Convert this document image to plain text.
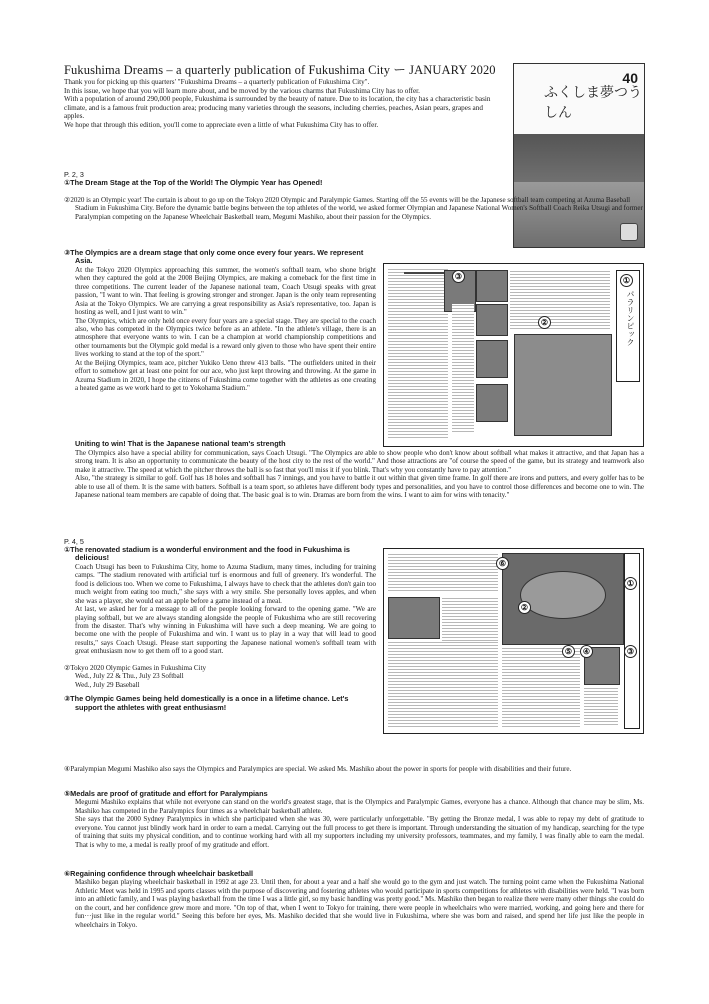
Fukushima Dreams – a quarterly publication of Fukushima City ー JANUARY 2020

Thank you for picking up this quarters' "Fukushima Dreams – a quarterly publication of Fukushima City".

In this issue, we hope that you will learn more about, and be moved by the various charms that Fukushima City has to offer.

With a population of around 290,000 people, Fukushima is surrounded by the beauty of nature. Due to its location, the city has a characteristic basin climate, and is a famous fruit production area; producing many varieties through the seasons, including cherries, peaches, Asian pears, grapes and apples.

We hope that through this edition, you'll come to appreciate even a little of what Fukushima City has to offer.

ふくしま夢つうしん
40
P. 2, 3
①The Dream Stage at the Top of the World! The Olympic Year has Opened!

②2020 is an Olympic year! The curtain is about to go up on the Tokyo 2020 Olympic and Paralympic Games. Starting off the 55 events will be the Japanese softball team competing at Azuma Baseball Stadium in Fukushima City. Before the dynamic battle begins between the top athletes of the world, we asked former Olympian and Japanese National Women's Softball Coach Reika Utsugi and former Paralympian competing on the Japanese Wheelchair Basketball team, Megumi Mashiko, about their passion for the Olympics.

③The Olympics are a dream stage that only come once every four years. We represent Asia.

At the Tokyo 2020 Olympics approaching this summer, the women's softball team, who shone bright when they captured the gold at the 2008 Beijing Olympics, are making a comeback for the first time in three competitions. The current leader of the Japanese national team, Coach Utsugi speaks with great passion, "I want to win. That feeling is growing stronger and stronger. Japan is the only team representing Asia at the Tokyo Olympics. We are carrying a great responsibility as Asia's representative, too. Japan is hosting as well, and I just want to win."

The Olympics, which are only held once every four years are a special stage. They are special to the coach also, who has competed in the Olympics twice before as an athlete. "In the athlete's village, there is an atmosphere that everyone wants to win. I can be a champion at world championship competitions and other tournaments but the Olympic gold medal is a reward only given to those who have spent their entire lives working to stand at the top of the sport."

At the Beijing Olympics, team ace, pitcher Yukiko Ueno threw 413 balls. "The outfielders united in their effort to somehow get at least one point for our ace, who just kept throwing and throwing. At the game in Azuma Stadium in 2020, I hope the citizens of Fukushima come together with the athletes as one creating a heated game as we work hard to get to Yokohama Stadium."

③
②
①
パラリンピック
Uniting to win! That is the Japanese national team's strength

The Olympics also have a special ability for communication, says Coach Utsugi. "The Olympics are able to show people who don't know about softball what makes it attractive, and that Japan has a strong team. It is also an opportunity to communicate the beauty of the host city to the rest of the world." And those attractions are "of course the speed of the game, but its strategy and teamwork also make it attractive. The speed at which the pitcher throws the ball is so fast that you'll miss it if you blink. That's why you constantly have to pay attention."

Also, "the strategy is similar to golf. Golf has 18 holes and softball has 7 innings, and you have to battle it out within that given time frame. In golf there are irons and putters, and every golfer has to be able to use all of them. It is the same with batters. Softball is a team sport, so athletes have different body types and personalities, and you have to control those differences and become one to win. The Japanese national team members are capable of doing that. The basic goal is to win. Dramas are born from the wins. I want to aim for wins with tenacity."

P. 4, 5
①The renovated stadium is a wonderful environment and the food in Fukushima is delicious!

Coach Utsugi has been to Fukushima City, home to Azuma Stadium, many times, including for training camps. "The stadium renovated with artificial turf is enormous and full of greenery. It's wonderful. The food is delicious too. When we come to Fukushima, I always have to check that the athletes don't gain too much weight from eating too much," she says with a wry smile. She personally loves apples, and when she was a player, she would eat an apple before a game instead of a meal.

At last, we asked her for a message to all of the people looking forward to the opening game. "We are playing softball, but we are always standing alongside the people of Fukushima who are still recovering from the disaster. That's why winning in Fukushima will have such a deep meaning. We are going to become one with the people of Fukushima and win. I want us to play in a way that will lead to good results," says Coach Utsugi. Please start supporting the Japanese national women's softball team with great enthusiasm now to get them off to a good start.

②Tokyo 2020 Olympic Games in Fukushima City

Wed., July 22 & Thu., July 23 Softball

Wed., July 29 Baseball

③The Olympic Games being held domestically is a once in a lifetime chance. Let's support the athletes with great enthusiasm!
⑥
①
②
⑤	④	③

④Paralympian Megumi Mashiko also says the Olympics and Paralympics are special. We asked Ms. Mashiko about the power in sports for people with disabilities and their future.

⑤Medals are proof of gratitude and effort for Paralympians

Megumi Mashiko explains that while not everyone can stand on the world's greatest stage, that is the Olympics and Paralympic Games, everyone has a chance. Although that chance may be slim, Ms. Mashiko has competed in the Paralympics four times as a wheelchair basketball athlete.

She says that the 2000 Sydney Paralympics in which she participated when she was 30, were particularly unforgettable. "By getting the Bronze medal, I was able to repay my debt of gratitude to everyone. You cannot just blindly work hard in order to earn a medal. Carrying out the full process to get there is important. Through understanding the situation of my handicap, searching for the type of training that suits my physical condition, and to continue working hard with all my supporters including my university professors, teammates, and my family, I was finally able to earn the medal. That is why to me, a medal is really proof of my gratitude and effort.

⑥Regaining confidence through wheelchair basketball

Mashiko began playing wheelchair basketball in 1992 at age 23. Until then, for about a year and a half she would go to the gym and just watch. The turning point came when the Fukushima National Athletic Meet was held in 1995 and sports classes with the purpose of discovering and fostering athletes who would participate in sports competitions for athletes with disabilities were held. "I was born into an athletic family, and I was playing basketball from the time I was a little girl, so my basic handling was pretty good." Ms. Mashiko then began to realize there were many other things she could do on the court, and her confidence grew more and more. "On top of that, when I went to Tokyo for training, there were people in wheelchairs who were married, working, and going here and there for fun···just like in the regular world." Seeing this before her eyes, Ms. Mashiko decided that she would live in Fukushima, where she was born and raised, and spend her life just like the people in wheelchairs in Tokyo.
